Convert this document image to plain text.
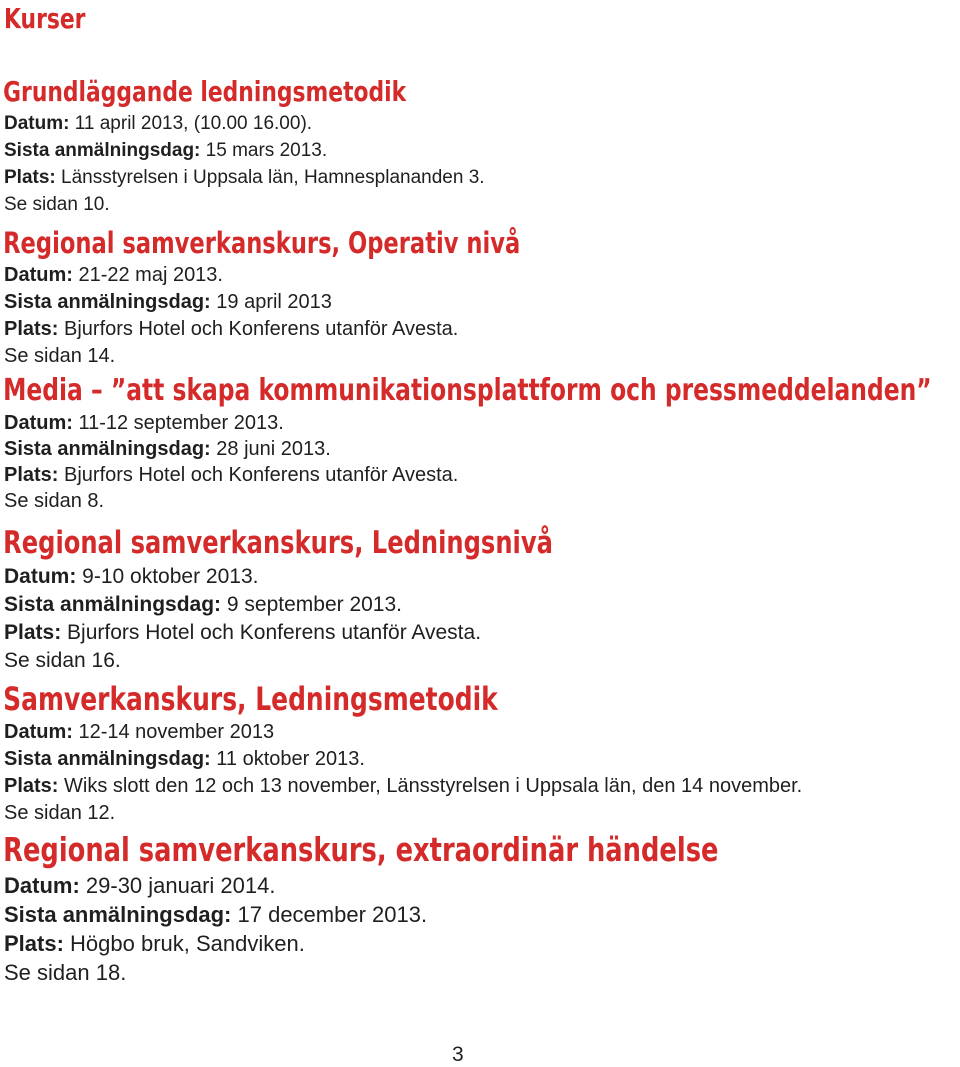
Kurser
Grundläggande ledningsmetodik
Datum: 11 april 2013, (10.00 16.00).
Sista anmälningsdag: 15 mars 2013.
Plats: Länsstyrelsen i Uppsala län, Hamnesplananden 3.
Se sidan 10.
Regional samverkanskurs, Operativ nivå
Datum: 21-22 maj 2013.
Sista anmälningsdag: 19 april 2013
Plats: Bjurfors Hotel och Konferens utanför Avesta.
Se sidan 14.
Media – ”att skapa kommunikationsplattform och pressmeddelanden”
Datum: 11-12 september 2013.
Sista anmälningsdag: 28 juni 2013.
Plats: Bjurfors Hotel och Konferens utanför Avesta.
Se sidan 8.
Regional samverkanskurs, Ledningsnivå
Datum: 9-10 oktober 2013.
Sista anmälningsdag: 9 september 2013.
Plats: Bjurfors Hotel och Konferens utanför Avesta.
Se sidan 16.
Samverkanskurs, Ledningsmetodik
Datum: 12-14 november 2013
Sista anmälningsdag: 11 oktober 2013.
Plats: Wiks slott den 12 och 13 november, Länsstyrelsen i Uppsala län, den 14 november.
Se sidan 12.
Regional samverkanskurs, extraordinär händelse
Datum: 29-30 januari 2014.
Sista anmälningsdag: 17 december 2013.
Plats: Högbo bruk, Sandviken.
Se sidan 18.
3
